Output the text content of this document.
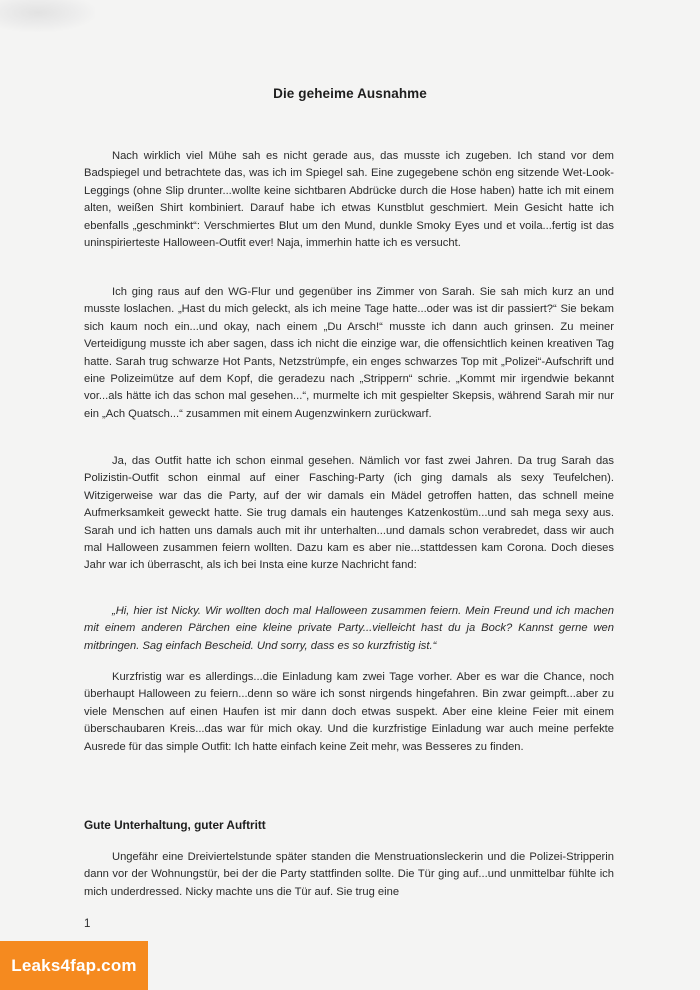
Die geheime Ausnahme

Nach wirklich viel Mühe sah es nicht gerade aus, das musste ich zugeben. Ich stand vor dem Badspiegel und betrachtete das, was ich im Spiegel sah. Eine zugegebene schön eng sitzende Wet-Look-Leggings (ohne Slip drunter...wollte keine sichtbaren Abdrücke durch die Hose haben) hatte ich mit einem alten, weißen Shirt kombiniert. Darauf habe ich etwas Kunstblut geschmiert. Mein Gesicht hatte ich ebenfalls „geschminkt“: Verschmiertes Blut um den Mund, dunkle Smoky Eyes und et voila...fertig ist das uninspirierteste Halloween-Outfit ever! Naja, immerhin hatte ich es versucht.

Ich ging raus auf den WG-Flur und gegenüber ins Zimmer von Sarah. Sie sah mich kurz an und musste loslachen. „Hast du mich geleckt, als ich meine Tage hatte...oder was ist dir passiert?“ Sie bekam sich kaum noch ein...und okay, nach einem „Du Arsch!“ musste ich dann auch grinsen. Zu meiner Verteidigung musste ich aber sagen, dass ich nicht die einzige war, die offensichtlich keinen kreativen Tag hatte. Sarah trug schwarze Hot Pants, Netzstrümpfe, ein enges schwarzes Top mit „Polizei“-Aufschrift und eine Polizeimütze auf dem Kopf, die geradezu nach „Strippern“ schrie. „Kommt mir irgendwie bekannt vor...als hätte ich das schon mal gesehen...“, murmelte ich mit gespielter Skepsis, während Sarah mir nur ein „Ach Quatsch...“ zusammen mit einem Augenzwinkern zurückwarf.

Ja, das Outfit hatte ich schon einmal gesehen. Nämlich vor fast zwei Jahren. Da trug Sarah das Polizistin-Outfit schon einmal auf einer Fasching-Party (ich ging damals als sexy Teufelchen). Witzigerweise war das die Party, auf der wir damals ein Mädel getroffen hatten, das schnell meine Aufmerksamkeit geweckt hatte. Sie trug damals ein hautenges Katzenkostüm...und sah mega sexy aus. Sarah und ich hatten uns damals auch mit ihr unterhalten...und damals schon verabredet, dass wir auch mal Halloween zusammen feiern wollten. Dazu kam es aber nie...stattdessen kam Corona. Doch dieses Jahr war ich überrascht, als ich bei Insta eine kurze Nachricht fand:

„Hi, hier ist Nicky. Wir wollten doch mal Halloween zusammen feiern. Mein Freund und ich machen mit einem anderen Pärchen eine kleine private Party...vielleicht hast du ja Bock? Kannst gerne wen mitbringen. Sag einfach Bescheid. Und sorry, dass es so kurzfristig ist.“

Kurzfristig war es allerdings...die Einladung kam zwei Tage vorher. Aber es war die Chance, noch überhaupt Halloween zu feiern...denn so wäre ich sonst nirgends hingefahren. Bin zwar geimpft...aber zu viele Menschen auf einen Haufen ist mir dann doch etwas suspekt. Aber eine kleine Feier mit einem überschaubaren Kreis...das war für mich okay. Und die kurzfristige Einladung war auch meine perfekte Ausrede für das simple Outfit: Ich hatte einfach keine Zeit mehr, was Besseres zu finden.

Gute Unterhaltung, guter Auftritt

Ungefähr eine Dreiviertelstunde später standen die Menstruationsleckerin und die Polizei-Stripperin dann vor der Wohnungstür, bei der die Party stattfinden sollte. Die Tür ging auf...und unmittelbar fühlte ich mich underdressed. Nicky machte uns die Tür auf. Sie trug eine

1
Leaks4fap.com
